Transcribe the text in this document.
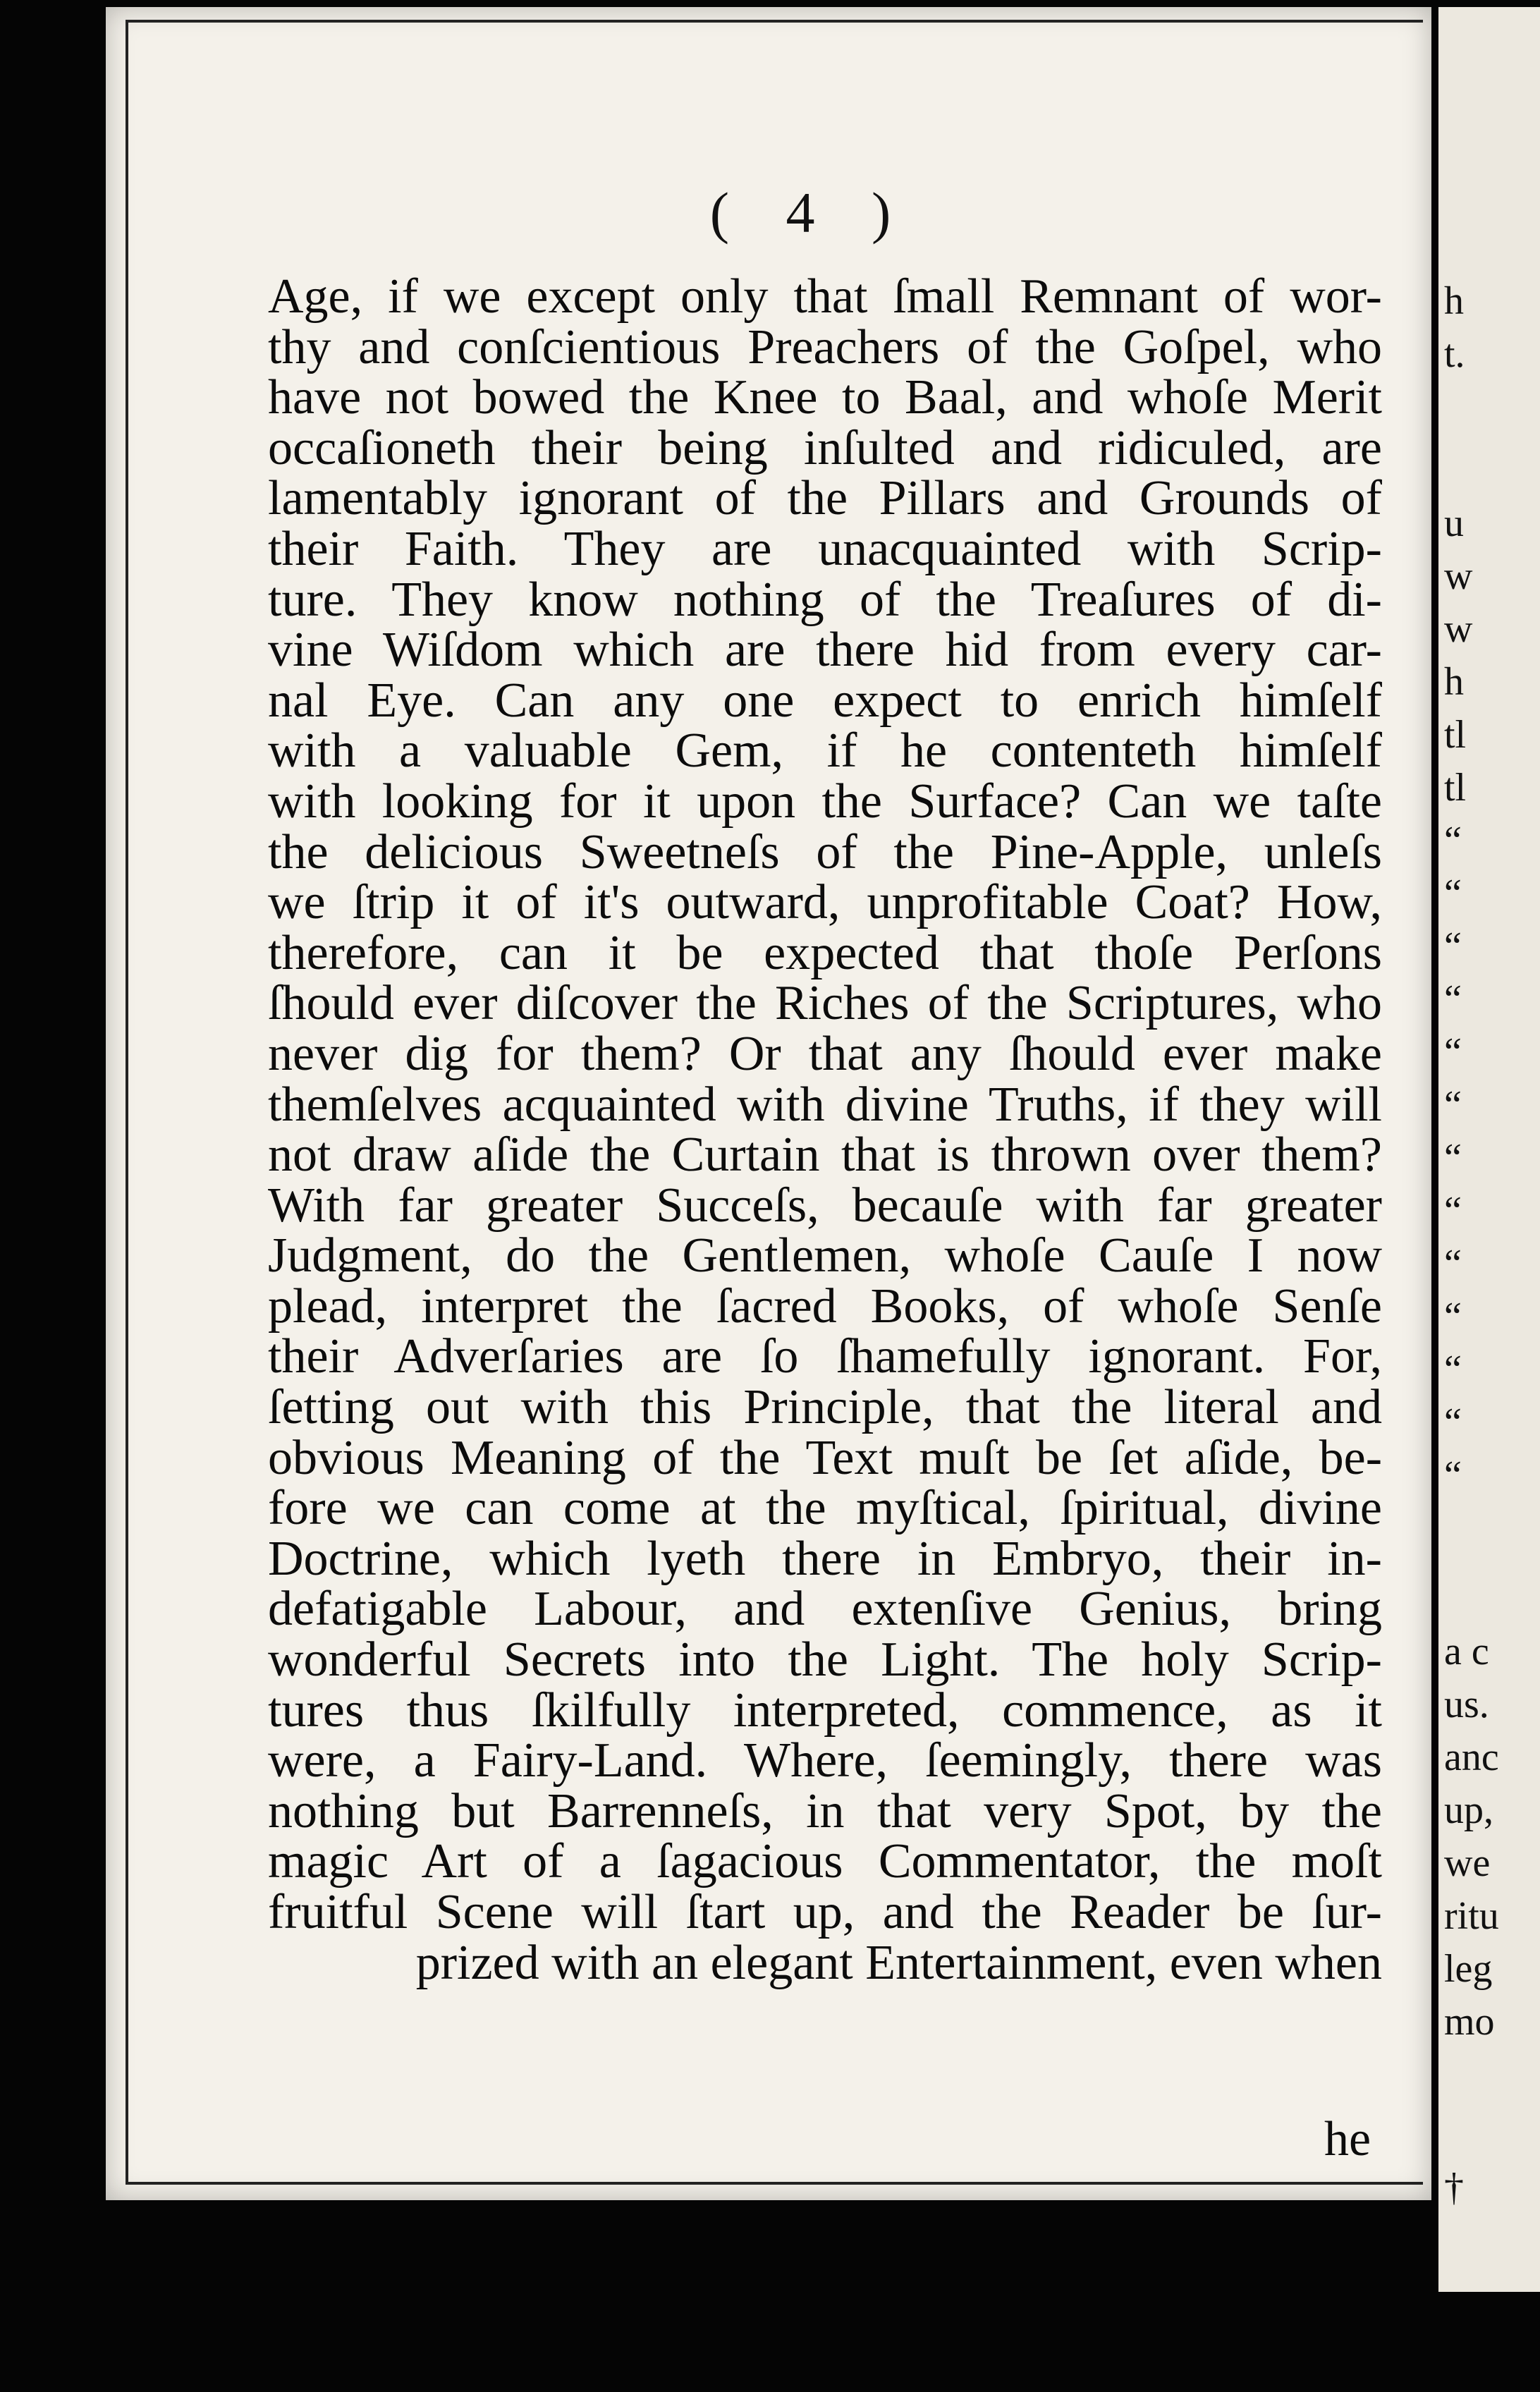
( 4 )
Age, if we except only that ſmall Remnant of wor-
thy and conſcientious Preachers of the Goſpel, who
have not bowed the Knee to Baal, and whoſe Merit
occaſioneth their being inſulted and ridiculed, are
lamentably ignorant of the Pillars and Grounds of
their Faith. They are unacquainted with Scrip-
ture. They know nothing of the Treaſures of di-
vine Wiſdom which are there hid from every car-
nal Eye. Can any one expect to enrich himſelf
with a valuable Gem, if he contenteth himſelf
with looking for it upon the Surface? Can we taſte
the delicious Sweetneſs of the Pine-Apple, unleſs
we ſtrip it of it's outward, unprofitable Coat? How,
therefore, can it be expected that thoſe Perſons
ſhould ever diſcover the Riches of the Scriptures, who
never dig for them? Or that any ſhould ever make
themſelves acquainted with divine Truths, if they will
not draw aſide the Curtain that is thrown over them?
With far greater Succeſs, becauſe with far greater
Judgment, do the Gentlemen, whoſe Cauſe I now
plead, interpret the ſacred Books, of whoſe Senſe
their Adverſaries are ſo ſhamefully ignorant. For,
ſetting out with this Principle, that the literal and
obvious Meaning of the Text muſt be ſet aſide, be-
fore we can come at the myſtical, ſpiritual, divine
Doctrine, which lyeth there in Embryo, their in-
defatigable Labour, and extenſive Genius, bring
wonderful Secrets into the Light. The holy Scrip-
tures thus ſkilfully interpreted, commence, as it
were, a Fairy-Land. Where, ſeemingly, there was
nothing but Barrenneſs, in that very Spot, by the
magic Art of a ſagacious Commentator, the moſt
fruitful Scene will ſtart up, and the Reader be ſur-
prized with an elegant Entertainment, even when
he
h
t.
u
w
w
h
tl
tl
“
“
“
“
“
“
“
“
“
“
“
“
“
a c
us.
anc
up,
we
ritu
leg
mo
†
